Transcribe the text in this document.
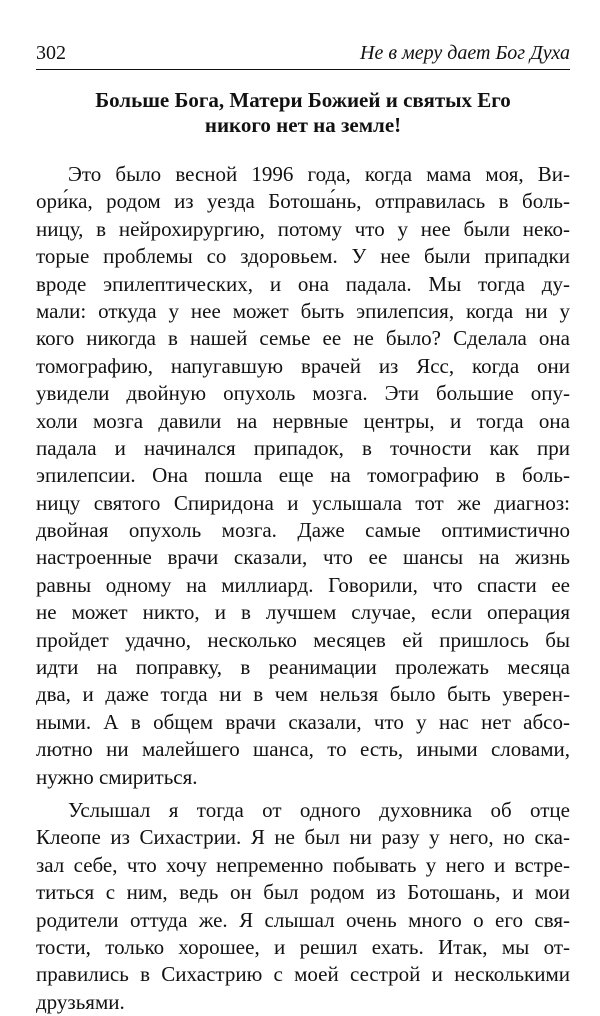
302	Не в меру дает Бог Духа
Больше Бога, Матери Божией и святых Его
никого нет на земле!
Это было весной 1996 года, когда мама моя, Ви-
ори́ка, родом из уезда Ботоша́нь, отправилась в боль-
ницу, в нейрохирургию, потому что у нее были неко-
торые проблемы со здоровьем. У нее были припадки
вроде эпилептических, и она падала. Мы тогда ду-
мали: откуда у нее может быть эпилепсия, когда ни у
кого никогда в нашей семье ее не было? Сделала она
томографию, напугавшую врачей из Ясс, когда они
увидели двойную опухоль мозга. Эти большие опу-
холи мозга давили на нервные центры, и тогда она
падала и начинался припадок, в точности как при
эпилепсии. Она пошла еще на томографию в боль-
ницу святого Спиридона и услышала тот же диагноз:
двойная опухоль мозга. Даже самые оптимистично
настроенные врачи сказали, что ее шансы на жизнь
равны одному на миллиард. Говорили, что спасти ее
не может никто, и в лучшем случае, если операция
пройдет удачно, несколько месяцев ей пришлось бы
идти на поправку, в реанимации пролежать месяца
два, и даже тогда ни в чем нельзя было быть уверен-
ными. А в общем врачи сказали, что у нас нет абсо-
лютно ни малейшего шанса, то есть, иными словами,
нужно смириться.
Услышал я тогда от одного духовника об отце
Клеопе из Сихастрии. Я не был ни разу у него, но ска-
зал себе, что хочу непременно побывать у него и встре-
титься с ним, ведь он был родом из Ботошань, и мои
родители оттуда же. Я слышал очень много о его свя-
тости, только хорошее, и решил ехать. Итак, мы от-
правились в Сихастрию с моей сестрой и несколькими
друзьями.
